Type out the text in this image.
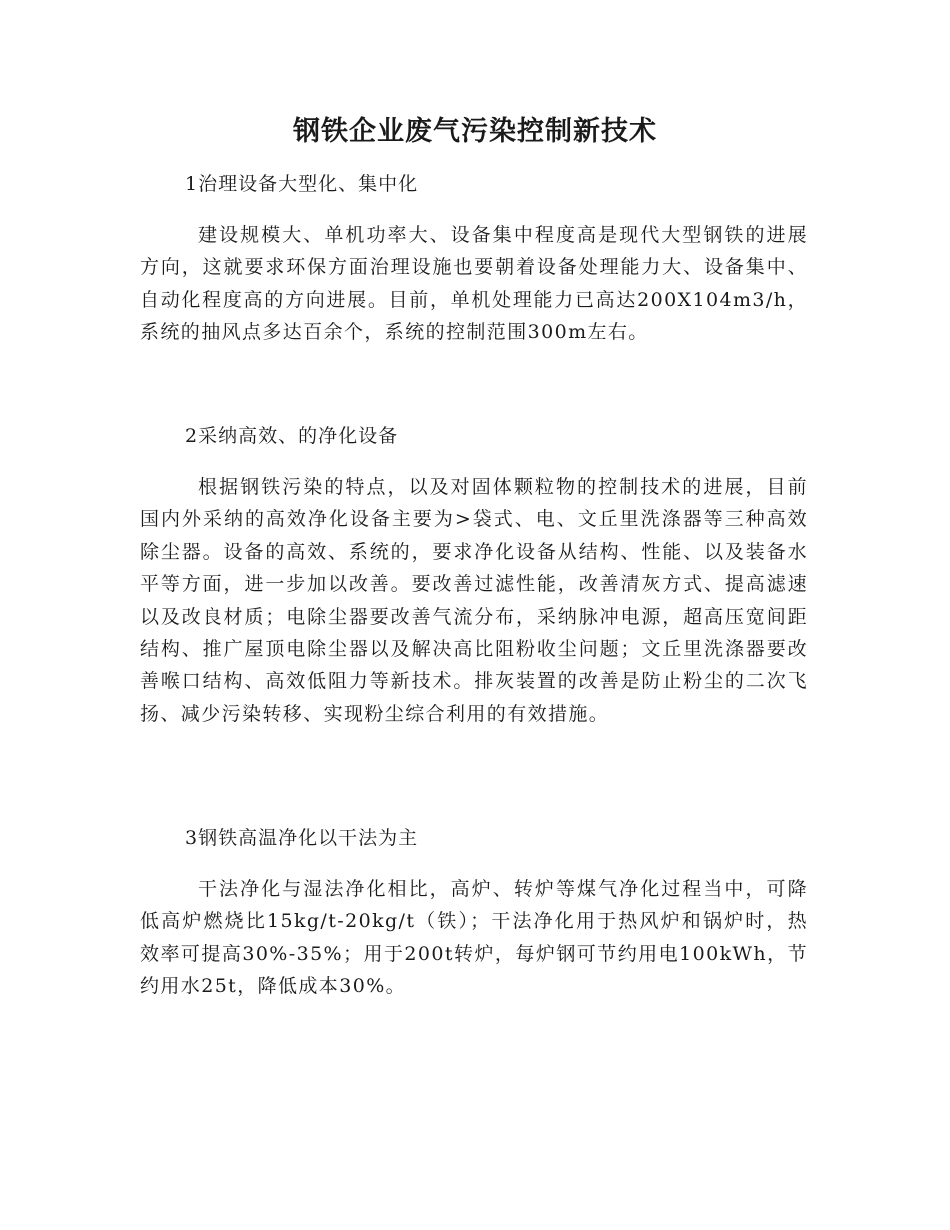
钢铁企业废气污染控制新技术

1治理设备大型化、集中化

建设规模大、单机功率大、设备集中程度高是现代大型钢铁的进展方向，这就要求环保方面治理设施也要朝着设备处理能力大、设备集中、自动化程度高的方向进展。目前，单机处理能力已高达200X104m3/h，系统的抽风点多达百余个，系统的控制范围300m左右。

2采纳高效、的净化设备

根据钢铁污染的特点，以及对固体颗粒物的控制技术的进展，目前国内外采纳的高效净化设备主要为>袋式、电、文丘里洗涤器等三种高效除尘器。设备的高效、系统的，要求净化设备从结构、性能、以及装备水平等方面，进一步加以改善。要改善过滤性能，改善清灰方式、提高滤速以及改良材质；电除尘器要改善气流分布，采纳脉冲电源，超高压宽间距结构、推广屋顶电除尘器以及解决高比阻粉收尘问题；文丘里洗涤器要改善喉口结构、高效低阻力等新技术。排灰装置的改善是防止粉尘的二次飞扬、减少污染转移、实现粉尘综合利用的有效措施。

3钢铁高温净化以干法为主

干法净化与湿法净化相比，高炉、转炉等煤气净化过程当中，可降低高炉燃烧比15kg/t-20kg/t（铁）；干法净化用于热风炉和锅炉时，热效率可提高30%-35%；用于200t转炉，每炉钢可节约用电100kWh，节约用水25t，降低成本30%。
